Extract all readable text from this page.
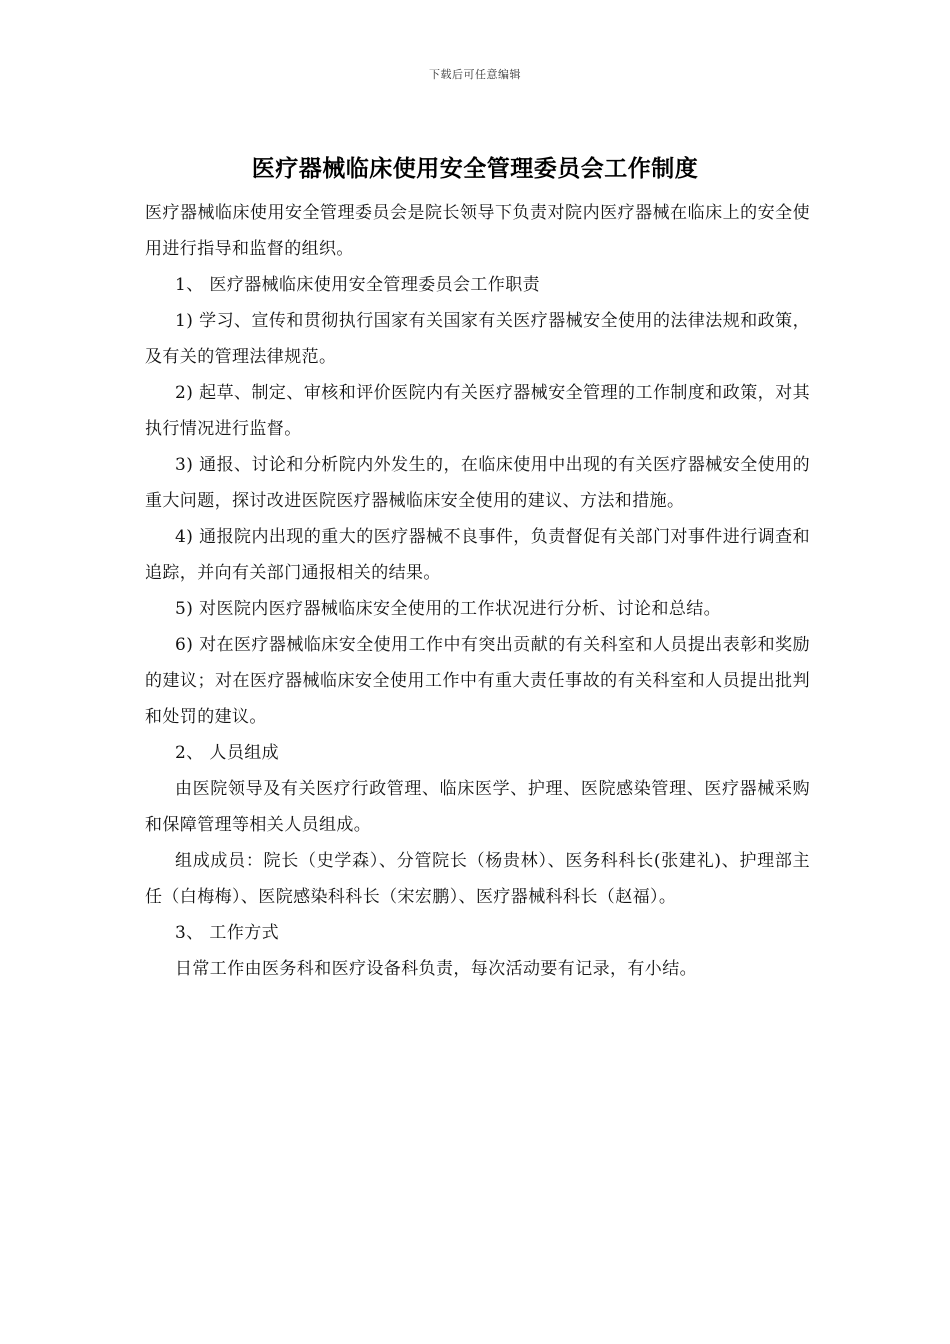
下载后可任意编辑
医疗器械临床使用安全管理委员会工作制度

医疗器械临床使用安全管理委员会是院长领导下负责对院内医疗器械在临床上的安全使用进行指导和监督的组织。

1、 医疗器械临床使用安全管理委员会工作职责

1) 学习、宣传和贯彻执行国家有关国家有关医疗器械安全使用的法律法规和政策，及有关的管理法律规范。

2) 起草、制定、审核和评价医院内有关医疗器械安全管理的工作制度和政策，对其执行情况进行监督。

3) 通报、讨论和分析院内外发生的，在临床使用中出现的有关医疗器械安全使用的重大问题，探讨改进医院医疗器械临床安全使用的建议、方法和措施。

4) 通报院内出现的重大的医疗器械不良事件，负责督促有关部门对事件进行调查和追踪，并向有关部门通报相关的结果。

5) 对医院内医疗器械临床安全使用的工作状况进行分析、讨论和总结。

6) 对在医疗器械临床安全使用工作中有突出贡献的有关科室和人员提出表彰和奖励的建议；对在医疗器械临床安全使用工作中有重大责任事故的有关科室和人员提出批判和处罚的建议。

2、 人员组成

由医院领导及有关医疗行政管理、临床医学、护理、医院感染管理、医疗器械采购和保障管理等相关人员组成。

组成成员：院长（史学森）、分管院长（杨贵林）、医务科科长(张建礼)、护理部主任（白梅梅）、医院感染科科长（宋宏鹏）、医疗器械科科长（赵福）。

3、 工作方式

日常工作由医务科和医疗设备科负责，每次活动要有记录，有小结。
